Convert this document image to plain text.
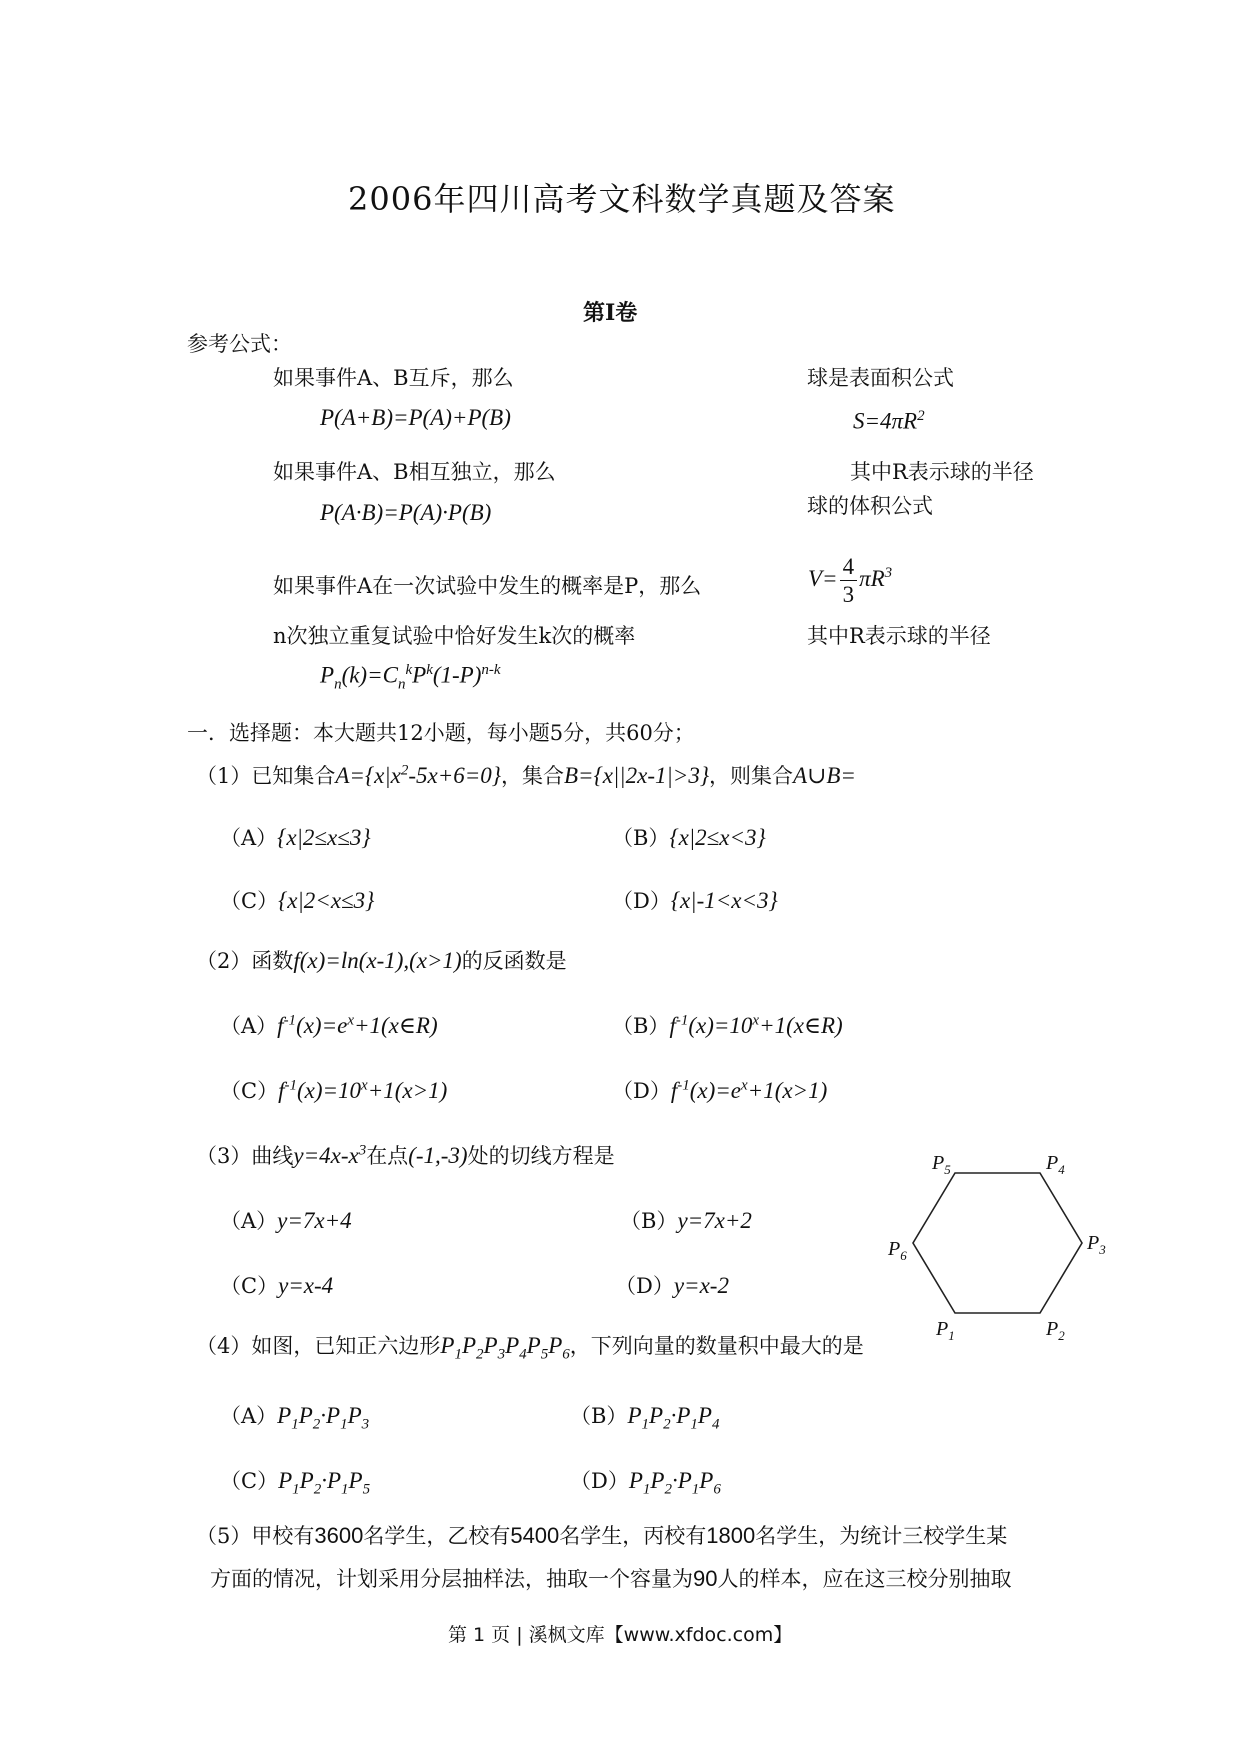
2006年四川高考文科数学真题及答案
第Ⅰ卷
参考公式：
如果事件A、B互斥，那么
P(A+B)=P(A)+P(B)
如果事件A、B相互独立，那么
P(A·B)=P(A)·P(B)
如果事件A在一次试验中发生的概率是P，那么
n次独立重复试验中恰好发生k次的概率
$P_n(k)=C_n^kP^k(1-P)^{n-k}$
球是表面积公式
$S=4\pi R^2$
其中R表示球的半径
球的体积公式
$V= \frac{4}{3} \pi R^3$
其中R表示球的半径
一．选择题：本大题共12小题，每小题5分，共60分；
（1）已知集合$A=\{x|x^2-5x+6=0\}$，集合B={x||2x-1|>3}，则集合A∪B=
（A）{x|2≤x≤3}	（B）{x|2≤x<3}
（C）{x|2<x≤3}	（D）{x|-1<x<3}
（2）函数f(x)=ln(x-1),(x>1)的反函数是
$(A)f^{-1}(x)=e^x+1(x\in R)$	$(B)f^{-1}(x)=10^x+1(x\in R)$
$(C)f^{-1}(x)=10^x+1(x>1)$	$(D)f^{-1}(x)=e^x+1(x>1)$
（3）曲线$y=4x-x^3$在点(-1,-3)处的切线方程是
（A）y=7x+4	（B）y=7x+2
（C）y=x-4	（D）y=x-2
$P_1$	$P_2$
$P_3$
$P_4$
$P_5$
$P_6$
（4）如图，已知正六边形$P_1P_2P_3P_4P_5P_6$，下列向量的数量积中最大的是
$(A)P_1P_2\cdot P_1P_3$	$(B)P_1P_2\cdot P_1P_4$
$(C)P_1P_2\cdot P_1P_5$	$(D)P_1P_2\cdot P_1P_6$
（5）甲校有3600名学生，乙校有5400名学生，丙校有1800名学生，为统计三校学生某
方面的情况，计划采用分层抽样法，抽取一个容量为90人的样本，应在这三校分别抽取
第 1 页 | 溪枫文库【www.xfdoc.com】
